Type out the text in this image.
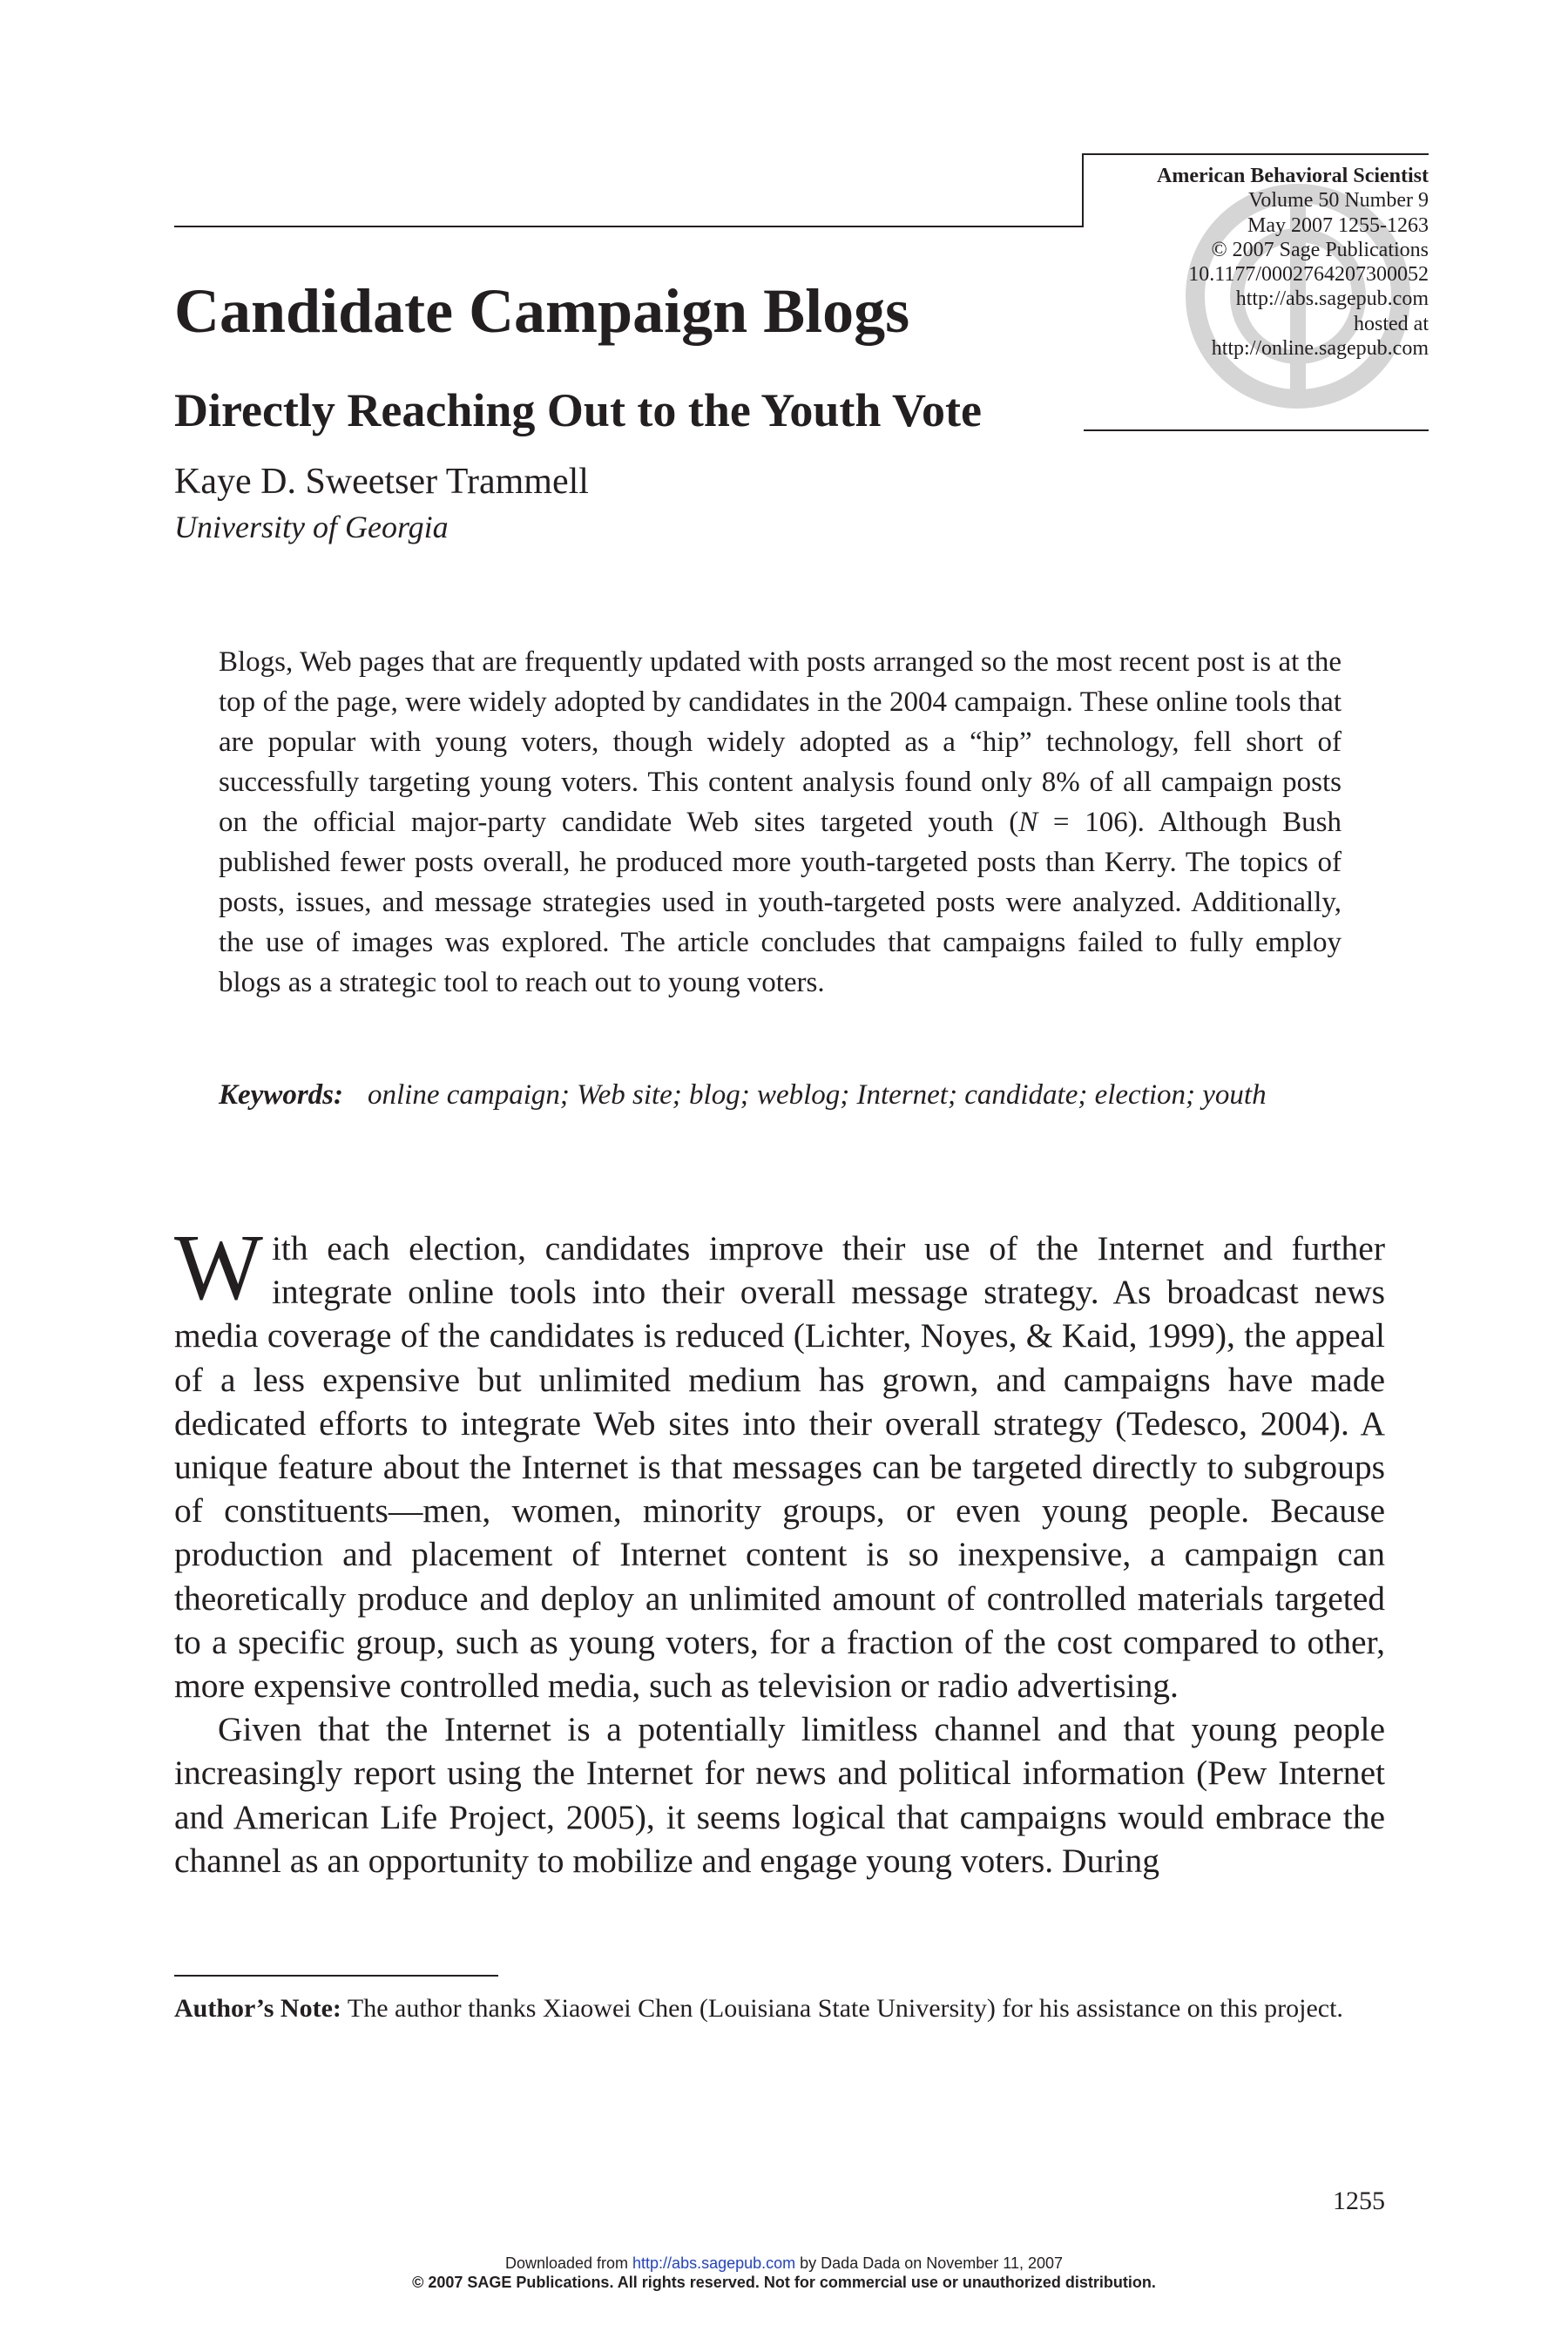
American Behavioral Scientist
Volume 50 Number 9
May 2007 1255-1263
© 2007 Sage Publications
10.1177/0002764207300052
http://abs.sagepub.com
hosted at
http://online.sagepub.com
Candidate Campaign Blogs
Directly Reaching Out to the Youth Vote

Kaye D. Sweetser Trammell

University of Georgia

Blogs, Web pages that are frequently updated with posts arranged so the most recent post is at the top of the page, were widely adopted by candidates in the 2004 campaign. These online tools that are popular with young voters, though widely adopted as a “hip” technology, fell short of successfully targeting young voters. This content analysis found only 8% of all campaign posts on the official major-party candidate Web sites targeted youth (N = 106). Although Bush published fewer posts overall, he produced more youth-targeted posts than Kerry. The topics of posts, issues, and message strategies used in youth-targeted posts were analyzed. Additionally, the use of images was explored. The article concludes that campaigns failed to fully employ blogs as a strategic tool to reach out to young voters.

Keywords: online campaign; Web site; blog; weblog; Internet; candidate; election; youth

With each election, candidates improve their use of the Internet and further integrate online tools into their overall message strategy. As broadcast news media coverage of the candidates is reduced (Lichter, Noyes, & Kaid, 1999), the appeal of a less expensive but unlimited medium has grown, and campaigns have made dedicated efforts to integrate Web sites into their overall strategy (Tedesco, 2004). A unique feature about the Internet is that messages can be targeted directly to subgroups of constituents—men, women, minority groups, or even young people. Because production and placement of Internet content is so inexpensive, a campaign can theoretically produce and deploy an unlimited amount of controlled materials targeted to a specific group, such as young voters, for a fraction of the cost compared to other, more expensive controlled media, such as television or radio advertising.

Given that the Internet is a potentially limitless channel and that young people increasingly report using the Internet for news and political information (Pew Internet and American Life Project, 2005), it seems logical that campaigns would embrace the channel as an opportunity to mobilize and engage young voters. During

Author’s Note: The author thanks Xiaowei Chen (Louisiana State University) for his assistance on this project.

1255
Downloaded from http://abs.sagepub.com by Dada Dada on November 11, 2007
© 2007 SAGE Publications. All rights reserved. Not for commercial use or unauthorized distribution.
